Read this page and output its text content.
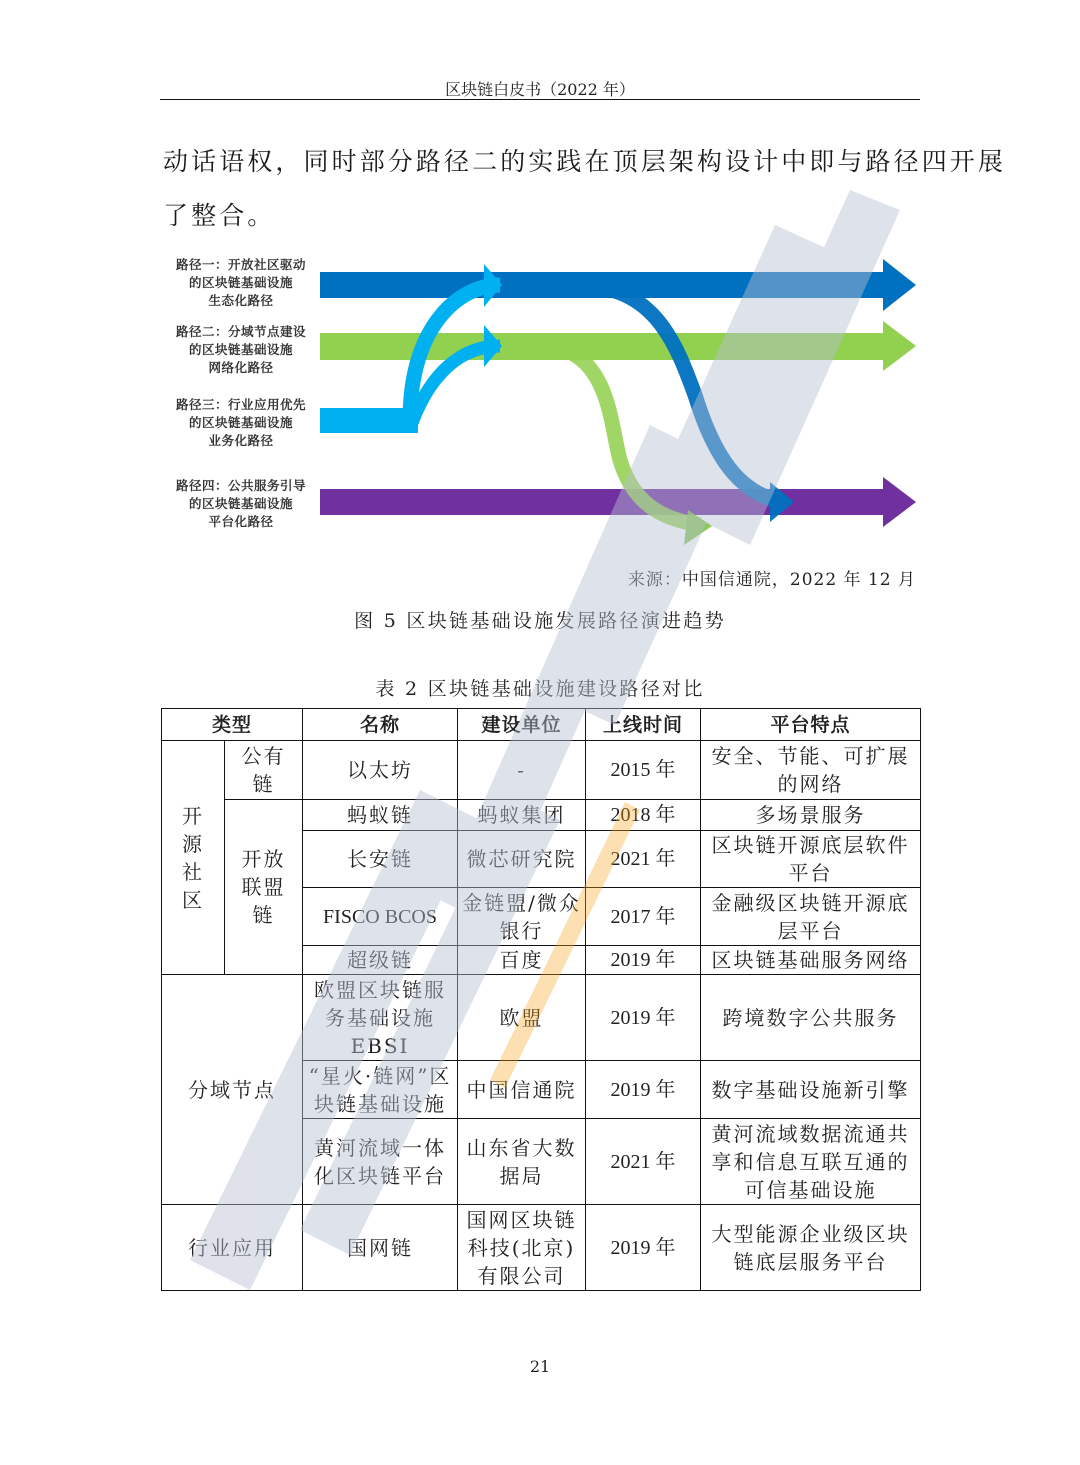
区块链白皮书（2022 年）
动话语权，同时部分路径二的实践在顶层架构设计中即与路径四开展
了整合。
路径一：开放社区驱动
的区块链基础设施
生态化路径
路径二：分域节点建设
的区块链基础设施
网络化路径
路径三：行业应用优先
的区块链基础设施
业务化路径
路径四：公共服务引导
的区块链基础设施
平台化路径
来源：中国信通院，2022 年 12 月
图 5 区块链基础设施发展路径演进趋势
表 2 区块链基础设施建设路径对比
类型		名称	建设单位	上线时间	平台特点
开源社区	公有链	以太坊	-	2015 年	安全、节能、可扩展的网络
	开放联盟链	蚂蚁链	蚂蚁集团	2018 年	多场景服务
		长安链	微芯研究院	2021 年	区块链开源底层软件平台
		FISCO BCOS	金链盟/微众银行	2017 年	金融级区块链开源底层平台
		超级链	百度	2019 年	区块链基础服务网络
分域节点		欧盟区块链服务基础设施EBSI	欧盟	2019 年	跨境数字公共服务
		“星火·链网”区块链基础设施	中国信通院	2019 年	数字基础设施新引擎
		黄河流域一体化区块链平台	山东省大数据局	2021 年	黄河流域数据流通共享和信息互联互通的可信基础设施
行业应用		国网链	国网区块链科技(北京)有限公司	2019 年	大型能源企业级区块链底层服务平台
21
